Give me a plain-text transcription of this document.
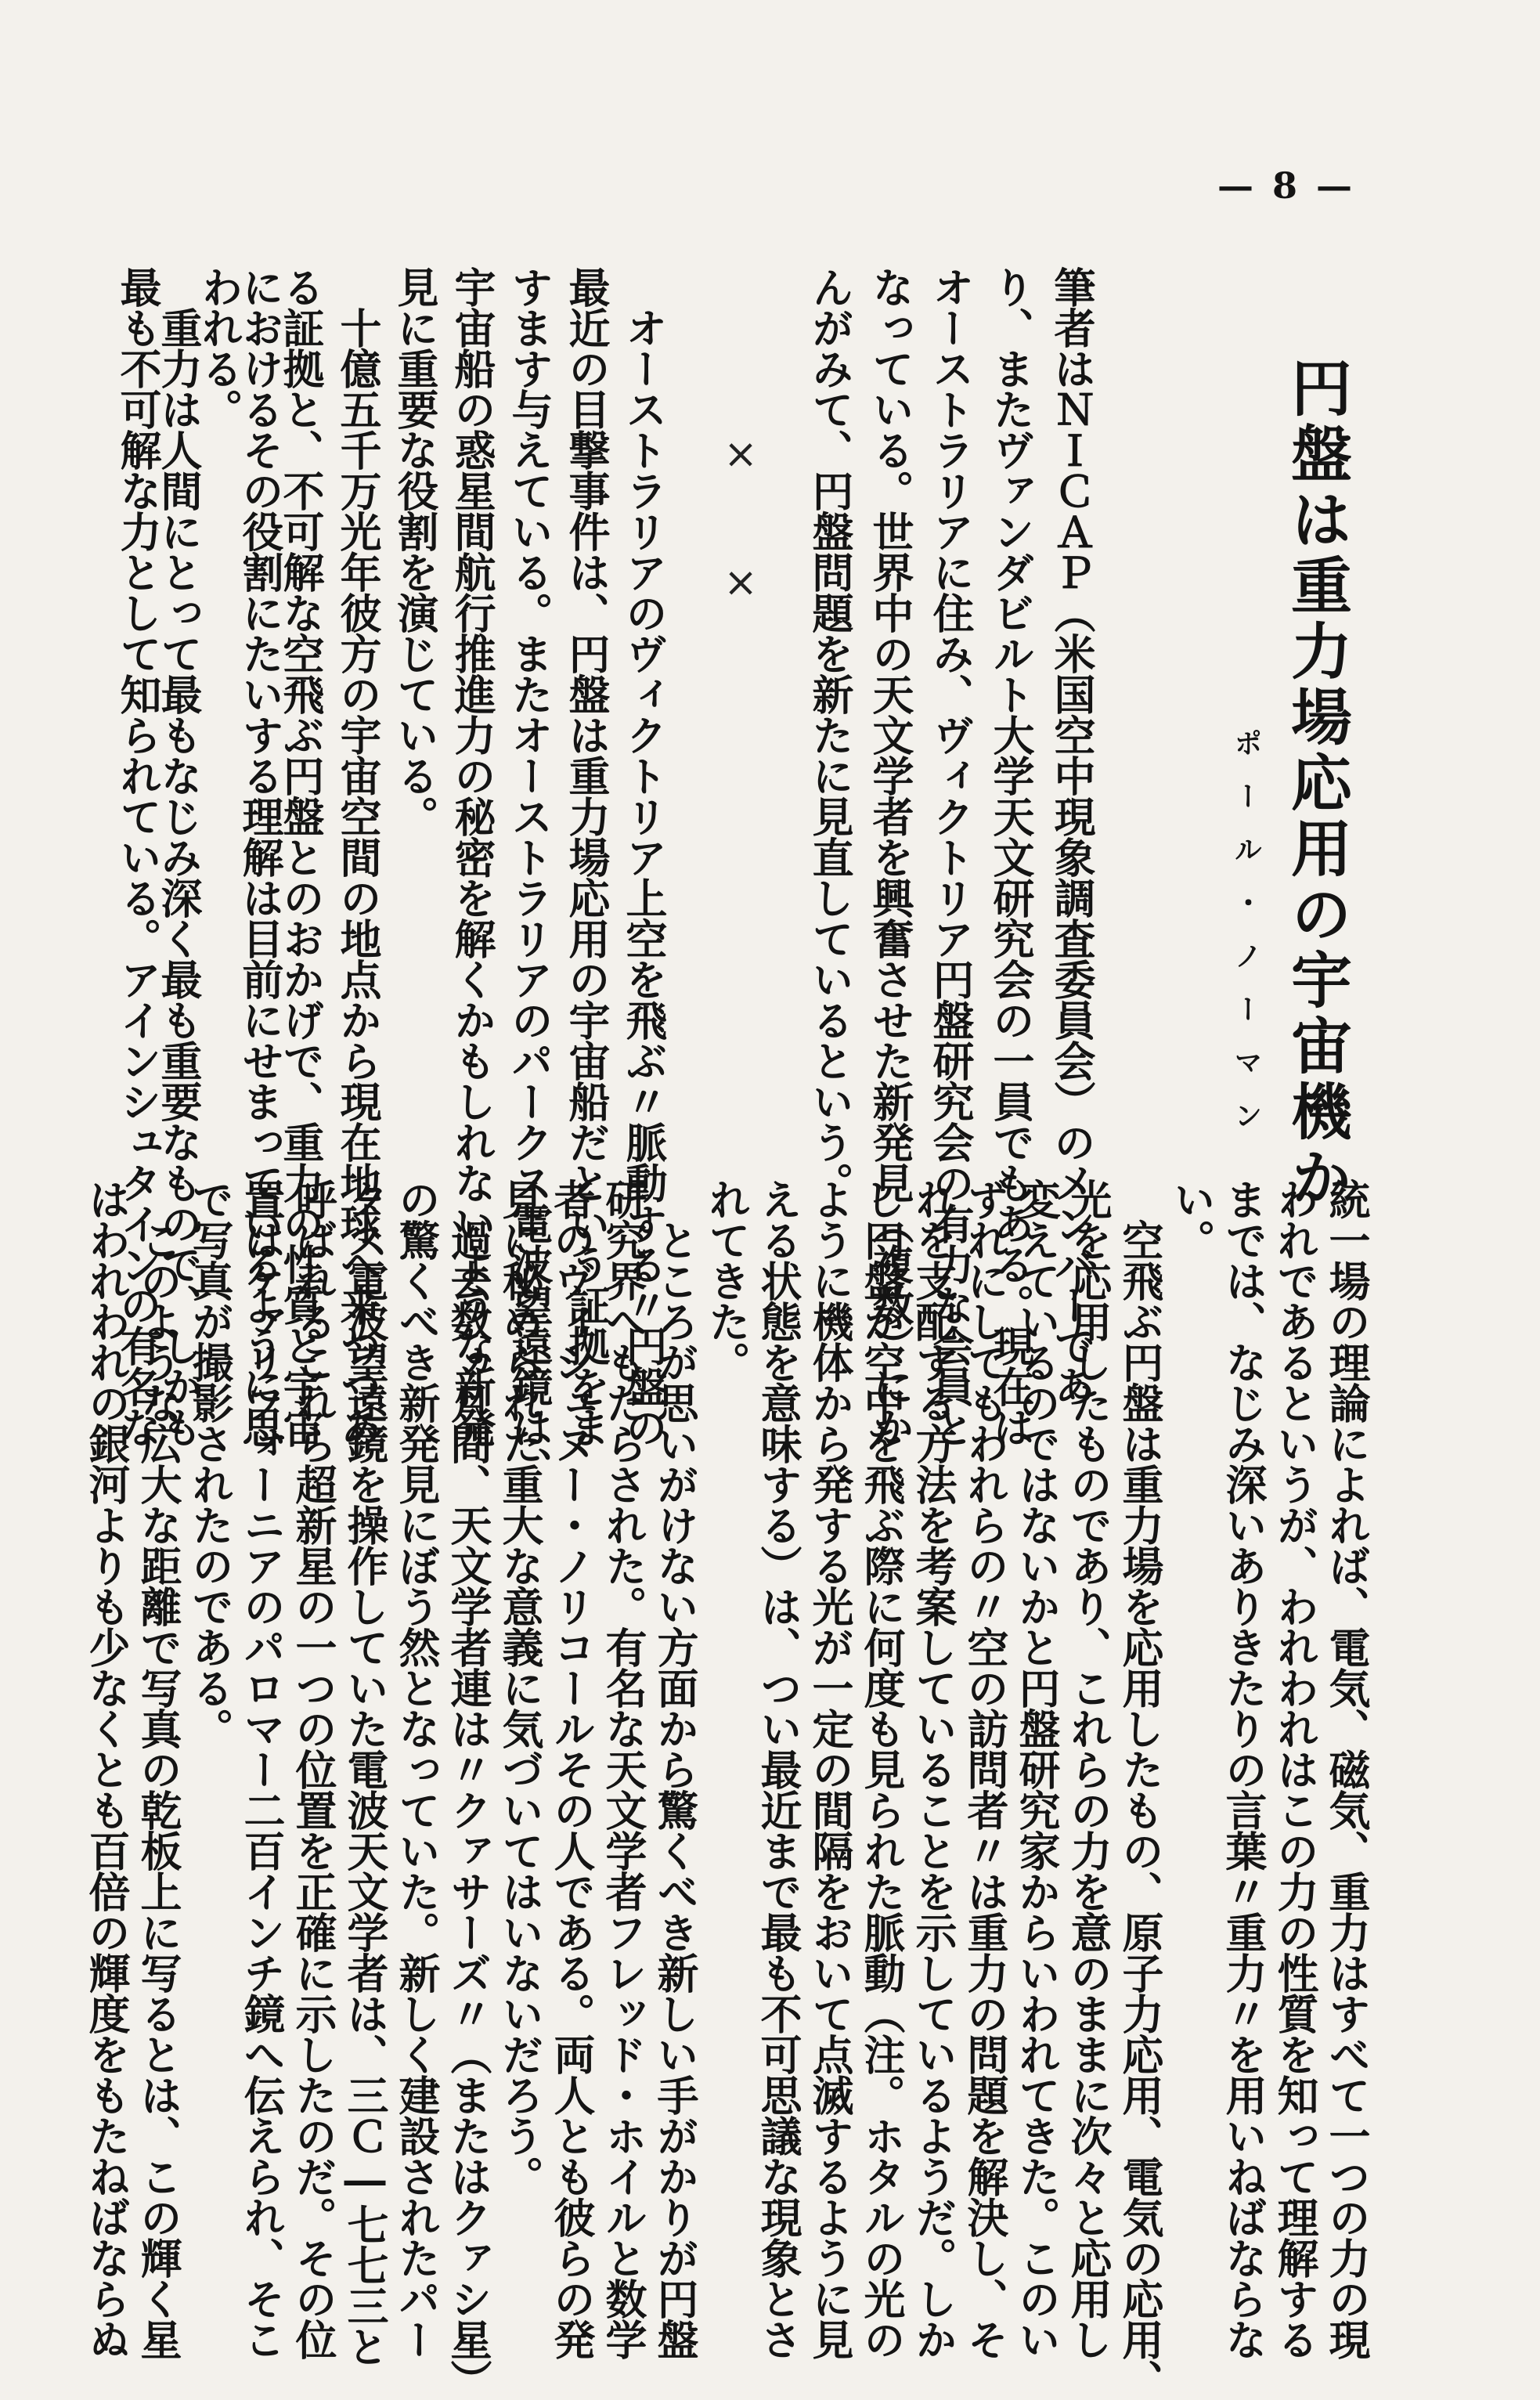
— 8 —
円盤は重力場応用の宇宙機か
ポール・ノーマン
筆者はＮＩＣＡＰ（米国空中現象調査委員会）のメンバーであ
り、またヴァンダビルト大学天文研究会の一員でもある。現在は
オーストラリアに住み、ヴィクトリア円盤研究会の有力な会員と
なっている。世界中の天文学者を興奮させた新発見（複数）にか
んがみて、円盤問題を新たに見直しているという。
×　　×
　オーストラリアのヴィクトリア上空を飛ぶ〃脈動する〃円盤の
最近の目撃事件は、円盤は重力場応用の宇宙船だという証拠をま
すます与えている。またオーストラリアのパークス電波望遠鏡は、
宇宙船の惑星間航行推進力の秘密を解くかもしれないような新発
見に重要な役割を演じている。
　十億五千万光年彼方の宇宙空間の地点から現在地球へ来つつあ
る証拠と、不可解な空飛ぶ円盤とのおかげで、重力の性質と宇宙
におけるその役割にたいする理解は目前にせまっているように思
われる。
　重力は人間にとって最もなじみ深く最も重要なもので、しかも
最も不可解な力として知られている。アインシュタインの有名な
統一場の理論によれば、電気、磁気、重力はすべて一つの力の現
われであるというが、われわれはこの力の性質を知って理解する
までは、なじみ深いありきたりの言葉〃重力〃を用いねばならな
い。
　空飛ぶ円盤は重力場を応用したもの、原子力応用、電気の応用、
光を応用したものであり、これらの力を意のままに次々と応用し
変えているのではないかと円盤研究家からいわれてきた。このい
ずれにしてもわれらの〃空の訪問者〃は重力の問題を解決し、そ
れを支配する方法を考案していることを示しているようだ。しか
し円盤が空中を飛ぶ際に何度も見られた脈動（注。ホタルの光の
ように機体から発する光が一定の間隔をおいて点滅するように見
える状態を意味する）は、つい最近まで最も不可思議な現象とさ
れてきた。
　ところが思いがけない方面から驚くべき新しい手がかりが円盤
研究界へもたらされた。有名な天文学者フレッド・ホイルと数学
者のヴィシュヌー・ノリコールその人である。両人とも彼らの発
見に秘められた重大な意義に気づいてはいないだろう。
　過去数ヵ月間、天文学者連は〃クァサーズ〃（またはクァシ星）
の驚くべき新発見にぼう然となっていた。新しく建設されたパー
クス電波望遠鏡を操作していた電波天文学者は、三Ｃ―七七三と
呼ばれるこれら超新星の一つの位置を正確に示したのだ。その位
置はケァリフォーニアのパロマー二百インチ鏡へ伝えられ、そこ
で写真が撮影されたのである。
　このような広大な距離で写真の乾板上に写るとは、この輝く星
はわれわれの銀河よりも少なくとも百倍の輝度をもたねばならぬ
